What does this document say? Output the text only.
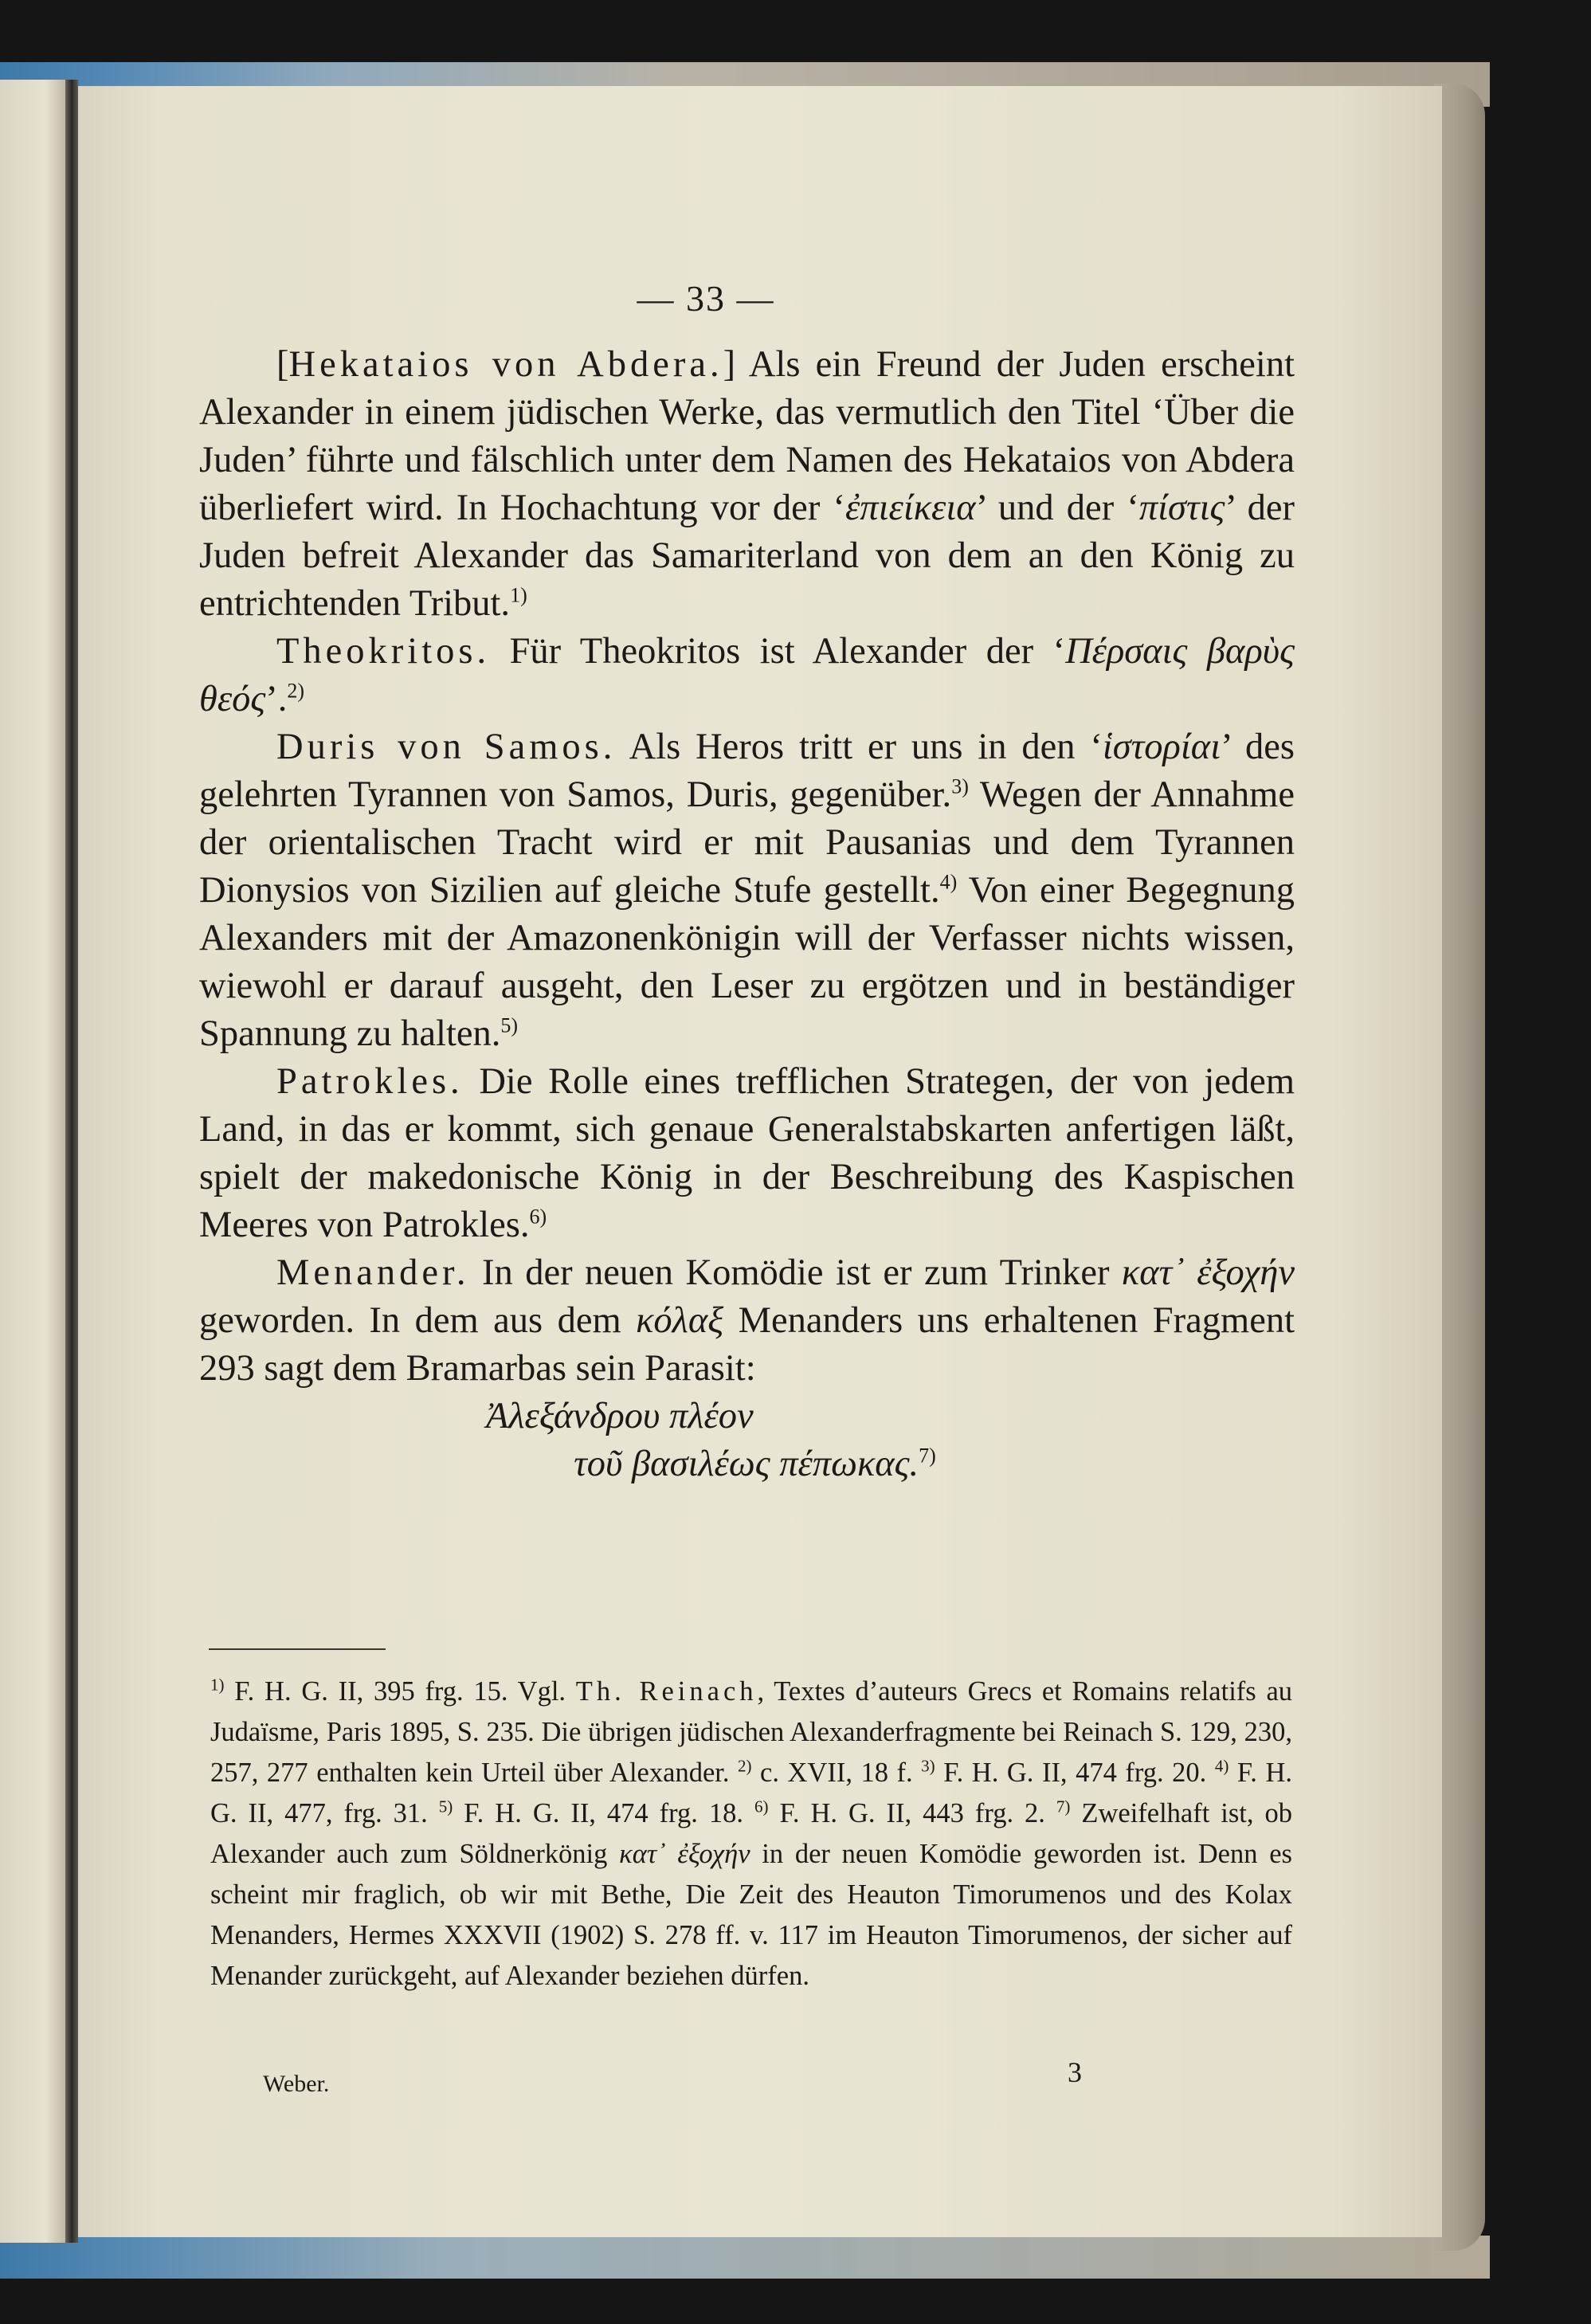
— 33 —

[Hekataios von Abdera.] Als ein Freund der Juden erscheint Alexander in einem jüdischen Werke, das vermutlich den Titel ‘Über die Juden’ führte und fälschlich unter dem Namen des Hekataios von Abdera überliefert wird. In Hochachtung vor der ‘ἐπιείκεια’ und der ‘πίστις’ der Juden befreit Alexander das Samariterland von dem an den König zu entrichtenden Tribut.$^{1)}$

Theokritos. Für Theokritos ist Alexander der ‘Πέρσαις βαρὺς θεός’.$^{2)}$

Duris von Samos. Als Heros tritt er uns in den ‘ἱστορίαι’ des gelehrten Tyrannen von Samos, Duris, gegenüber.$^{3)}$ Wegen der Annahme der orientalischen Tracht wird er mit Pausanias und dem Tyrannen Dionysios von Sizilien auf gleiche Stufe gestellt.$^{4)}$ Von einer Begegnung Alexanders mit der Amazonenkönigin will der Verfasser nichts wissen, wiewohl er darauf ausgeht, den Leser zu ergötzen und in beständiger Spannung zu halten.$^{5)}$

Patrokles. Die Rolle eines trefflichen Strategen, der von jedem Land, in das er kommt, sich genaue Generalstabskarten anfertigen läßt, spielt der makedonische König in der Beschreibung des Kaspischen Meeres von Patrokles.$^{6)}$

Menander. In der neuen Komödie ist er zum Trinker κατ᾽ ἐξοχήν geworden. In dem aus dem κόλαξ Menanders uns erhaltenen Fragment 293 sagt dem Bramarbas sein Parasit:

Ἀλεξάνδρου πλέον

τοῦ βασιλέως πέπωκας.$^{7)}$

$^{1)}$ F. H. G. II, 395 frg. 15. Vgl. Th. Reinach, Textes d’auteurs Grecs et Romains relatifs au Judaïsme, Paris 1895, S. 235. Die übrigen jüdischen Alexanderfragmente bei Reinach S. 129, 230, 257, 277 enthalten kein Urteil über Alexander. $^{2)}$ c. XVII, 18 f. $^{3)}$ F. H. G. II, 474 frg. 20. $^{4)}$ F. H. G. II, 477, frg. 31. $^{5)}$ F. H. G. II, 474 frg. 18. $^{6)}$ F. H. G. II, 443 frg. 2. $^{7)}$ Zweifelhaft ist, ob Alexander auch zum Söldnerkönig κατ᾽ ἐξοχήν in der neuen Komödie geworden ist. Denn es scheint mir fraglich, ob wir mit Bethe, Die Zeit des Heauton Timorumenos und des Kolax Menanders, Hermes XXXVII (1902) S. 278 ff. v. 117 im Heauton Timorumenos, der sicher auf Menander zurückgeht, auf Alexander beziehen dürfen.

Weber.	3
